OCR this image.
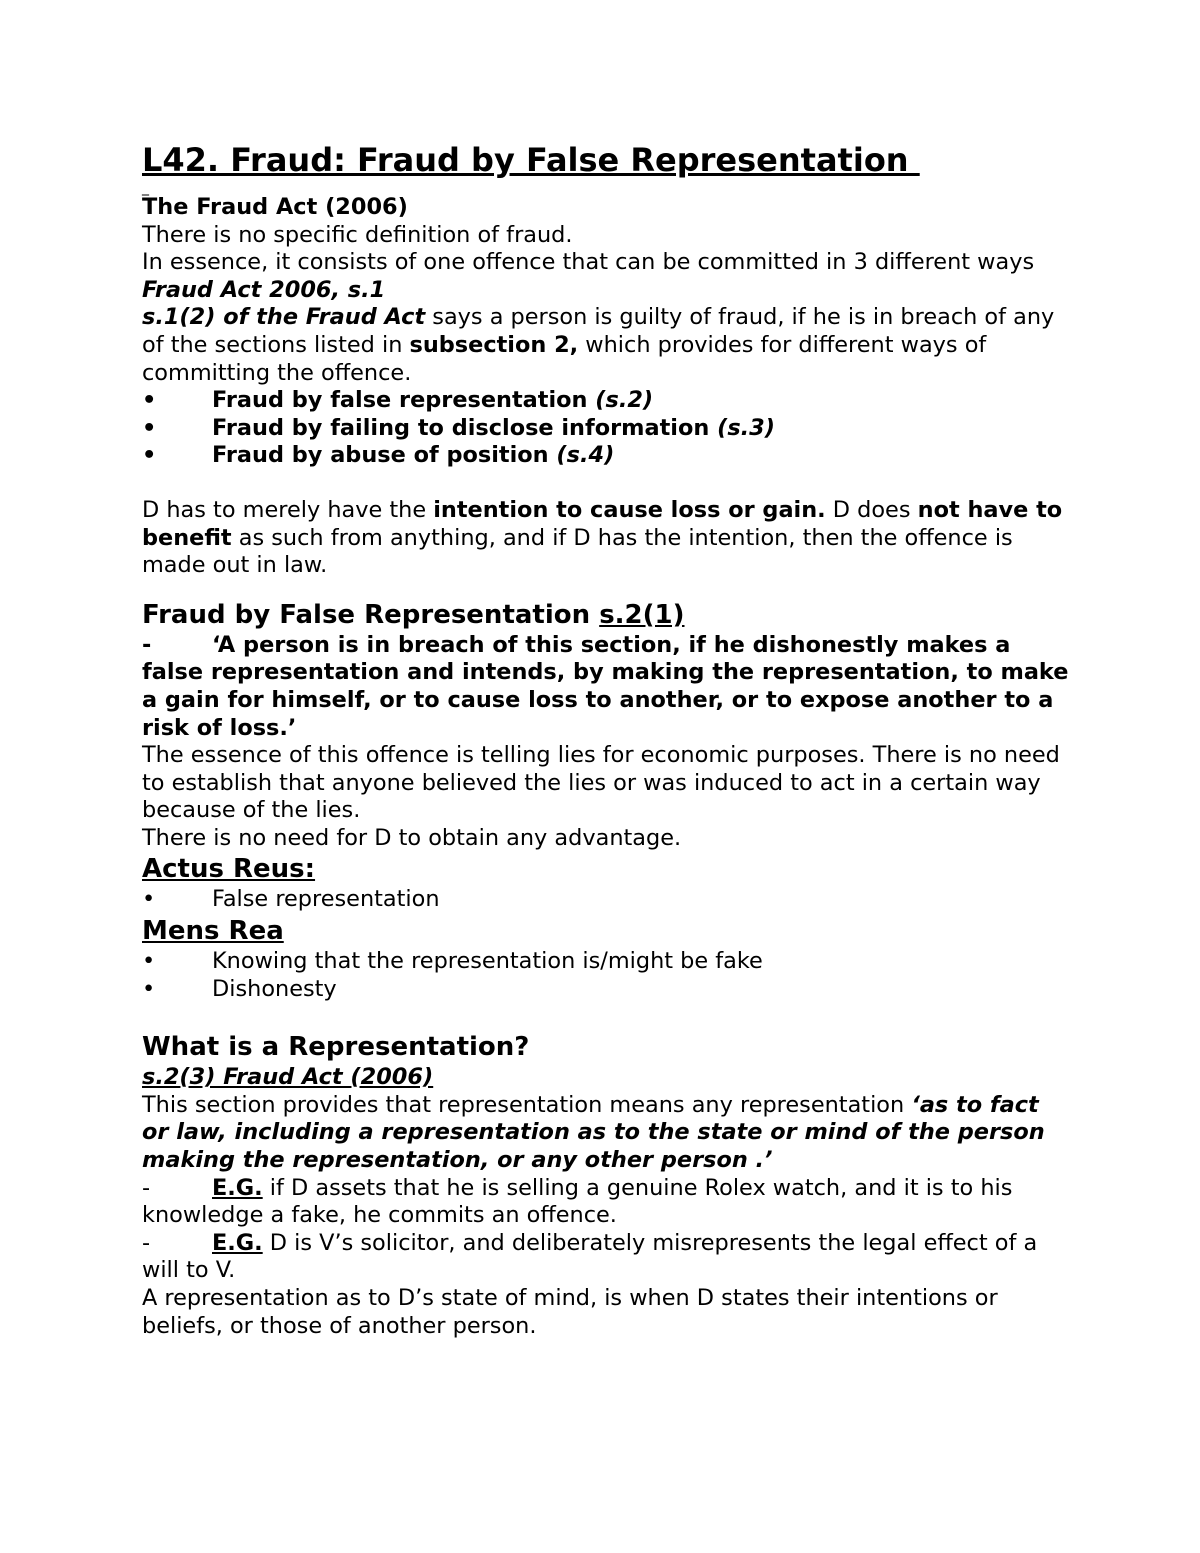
L42. Fraud: Fraud by False Representation
_

The Fraud Act (2006)

There is no specific definition of fraud.

In essence, it consists of one offence that can be committed in 3 different ways

Fraud Act 2006, s.1

s.1(2) of the Fraud Act says a person is guilty of fraud, if he is in breach of any of the sections listed in subsection 2, which provides for different ways of committing the offence.

• Fraud by false representation (s.2)
• Fraud by failing to disclose information (s.3)
• Fraud by abuse of position (s.4)

D has to merely have the intention to cause loss or gain. D does not have to benefit as such from anything, and if D has the intention, then the offence is made out in law.

Fraud by False Representation s.2(1)

-	‘A person is in breach of this section, if he dishonestly makes a false representation and intends, by making the representation, to make a gain for himself, or to cause loss to another, or to expose another to a risk of loss.’

The essence of this offence is telling lies for economic purposes. There is no need to establish that anyone believed the lies or was induced to act in a certain way because of the lies.

There is no need for D to obtain any advantage.

Actus Reus:
•	False representation
Mens Rea
•	Knowing that the representation is/might be fake
•	Dishonesty
What is a Representation?

s.2(3) Fraud Act (2006)

This section provides that representation means any representation ‘as to fact or law, including a representation as to the state or mind of the person making the representation, or any other person .’

-	E.G. if D assets that he is selling a genuine Rolex watch, and it is to his knowledge a fake, he commits an offence.

-	E.G. D is V’s solicitor, and deliberately misrepresents the legal effect of a will to V.

A representation as to D’s state of mind, is when D states their intentions or beliefs, or those of another person.
